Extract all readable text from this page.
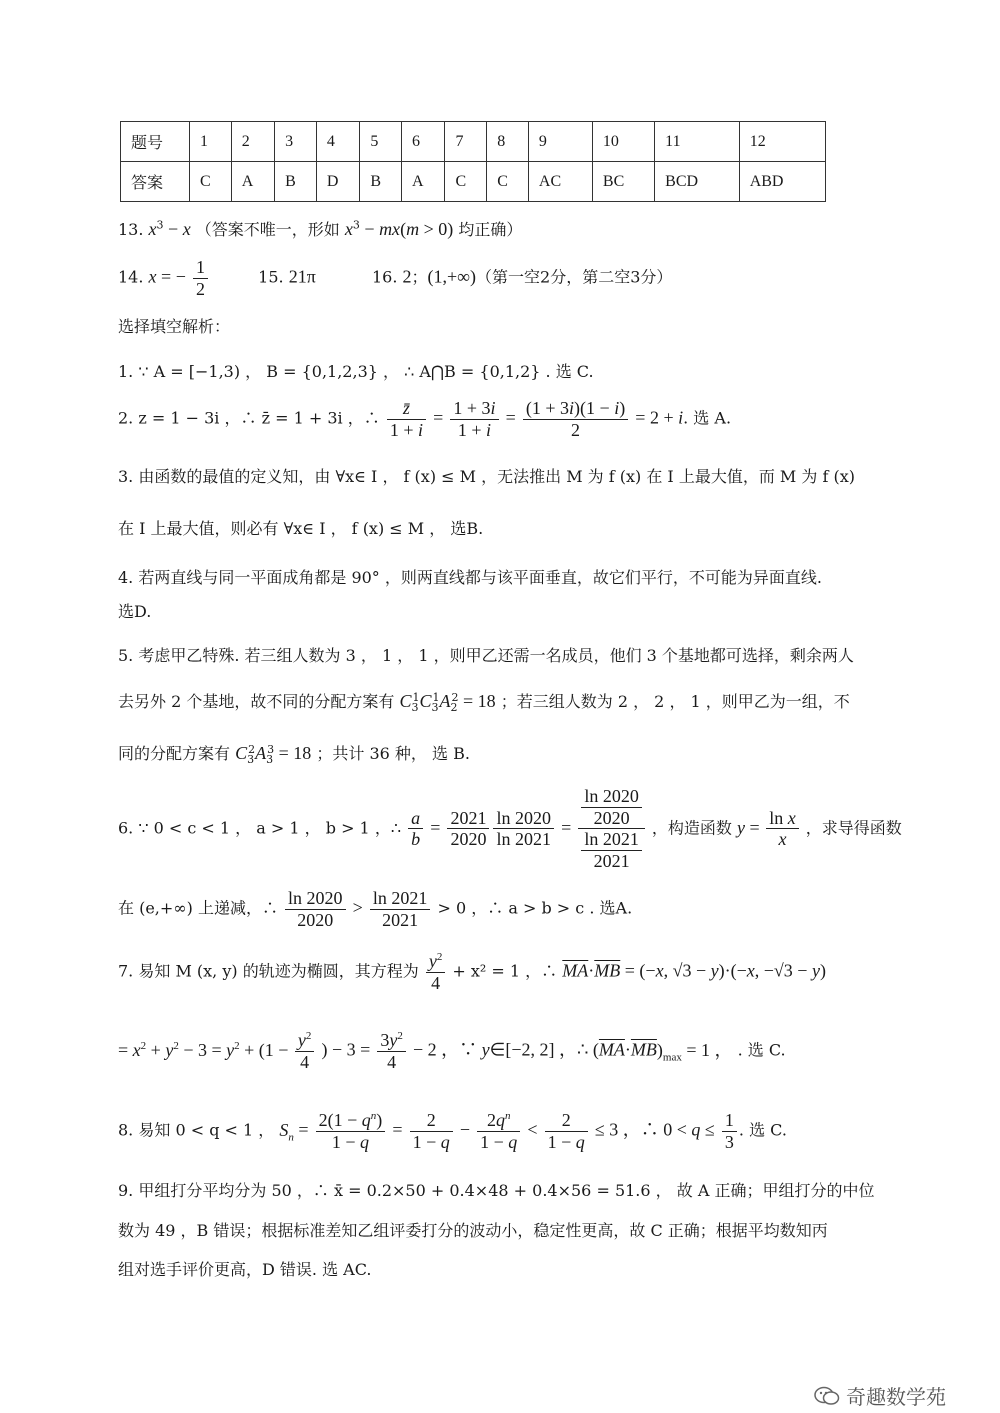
题号	1	2	3	4	5	6	7	8	9	10	11	12
答案	C	A	B	D	B	A	C	C	AC	BC	BCD	ABD
13. $x^3 - x$ （答案不唯一，形如 $x^3 - mx(m > 0)$ 均正确）
14. x = − $\frac{1}{2}$	15. 21π	16. 2；(1,+∞)（第一空2分，第二空3分）
选择填空解析：
1. ∵ A = [−1,3) ， B = {0,1,2,3} ， ∴ A⋂B = {0,1,2} . 选 C.
2. z = 1 − 3i ，∴ z̄ = 1 + 3i ，∴ $\frac{z̄}{1 + i} = \frac{1 + 3i}{1 + i} = \frac{(1 + 3i)(1 - i)}{2} = 2 + i$. 选 A.
3. 由函数的最值的定义知，由 ∀x∈ I ， f (x) ≤ M ，无法推出 M 为 f (x) 在 I 上最大值，而 M 为 f (x)
在 I 上最大值，则必有 ∀x∈ I ， f (x) ≤ M ， 选B.
4. 若两直线与同一平面成角都是 90° ，则两直线都与该平面垂直，故它们平行，不可能为异面直线.
选D.
5. 考虑甲乙特殊. 若三组人数为 3 ， 1 ， 1 ，则甲乙还需一名成员，他们 3 个基地都可选择，剩余两人
去另外 2 个基地，故不同的分配方案有 $C_3^1C_3^1A_2^2 = 18$ ；若三组人数为 2 ， 2 ， 1 ，则甲乙为一组，不
同的分配方案有 $C_3^2A_3^3 = 18$ ；共计 36 种， 选 B.
6. ∵ 0 < c < 1 ， a > 1 ， b > 1 ，∴ $\frac{a}{b} = \frac{2021}{2020} \frac{\ln 2020}{\ln 2021} = \frac{\frac{\ln 2020}{2020}}{\frac{\ln 2021}{2021}}$ ，构造函数 $y = \frac{\text{ln x}}{x}$ ，求导得函数
在 (e,+∞) 上递减，∴ $\frac{\ln 2020}{2020} > \frac{\ln 2021}{2021} > 0$ ，∴ a > b > c . 选A.
7. 易知 M (x, y) 的轨迹为椭圆，其方程为 $\frac{y^2}{4} + x^2 = 1$ ，∴ $\overline{MA}\cdot\overline{MB} = (-x$, √3 − y)·(−x, −√3 − y)
= $x^2 + y^2 - 3 = y^2 + (1 - \frac{y^2}{4}$ ) − $3 = \frac{3y^2}{4} - 2$ ，∵ y∈[−2, 2] ，∴ $(\overline{MA}\cdot\overline{MB})_{max} = 1$ ， . 选 C.
8. 易知 0 < q < 1 ， $S_n = \frac{2(1 - q^n)}{1 - q} = \frac{2}{1 - q} - \frac{2q^n}{1 - q} < \frac{2}{1 - q} \le 3$ ，∴ $0 < q \le \frac{1}{3}$ . 选 C.
9. 甲组打分平均分为 50 ，∴ x̄ = 0.2×50 + 0.4×48 + 0.4×56 = 51.6 ， 故 A 正确；甲组打分的中位
数为 49 ，B 错误；根据标准差知乙组评委打分的波动小，稳定性更高，故 C 正确；根据平均数知丙
组对选手评价更高，D 错误. 选 AC.
奇趣数学苑
